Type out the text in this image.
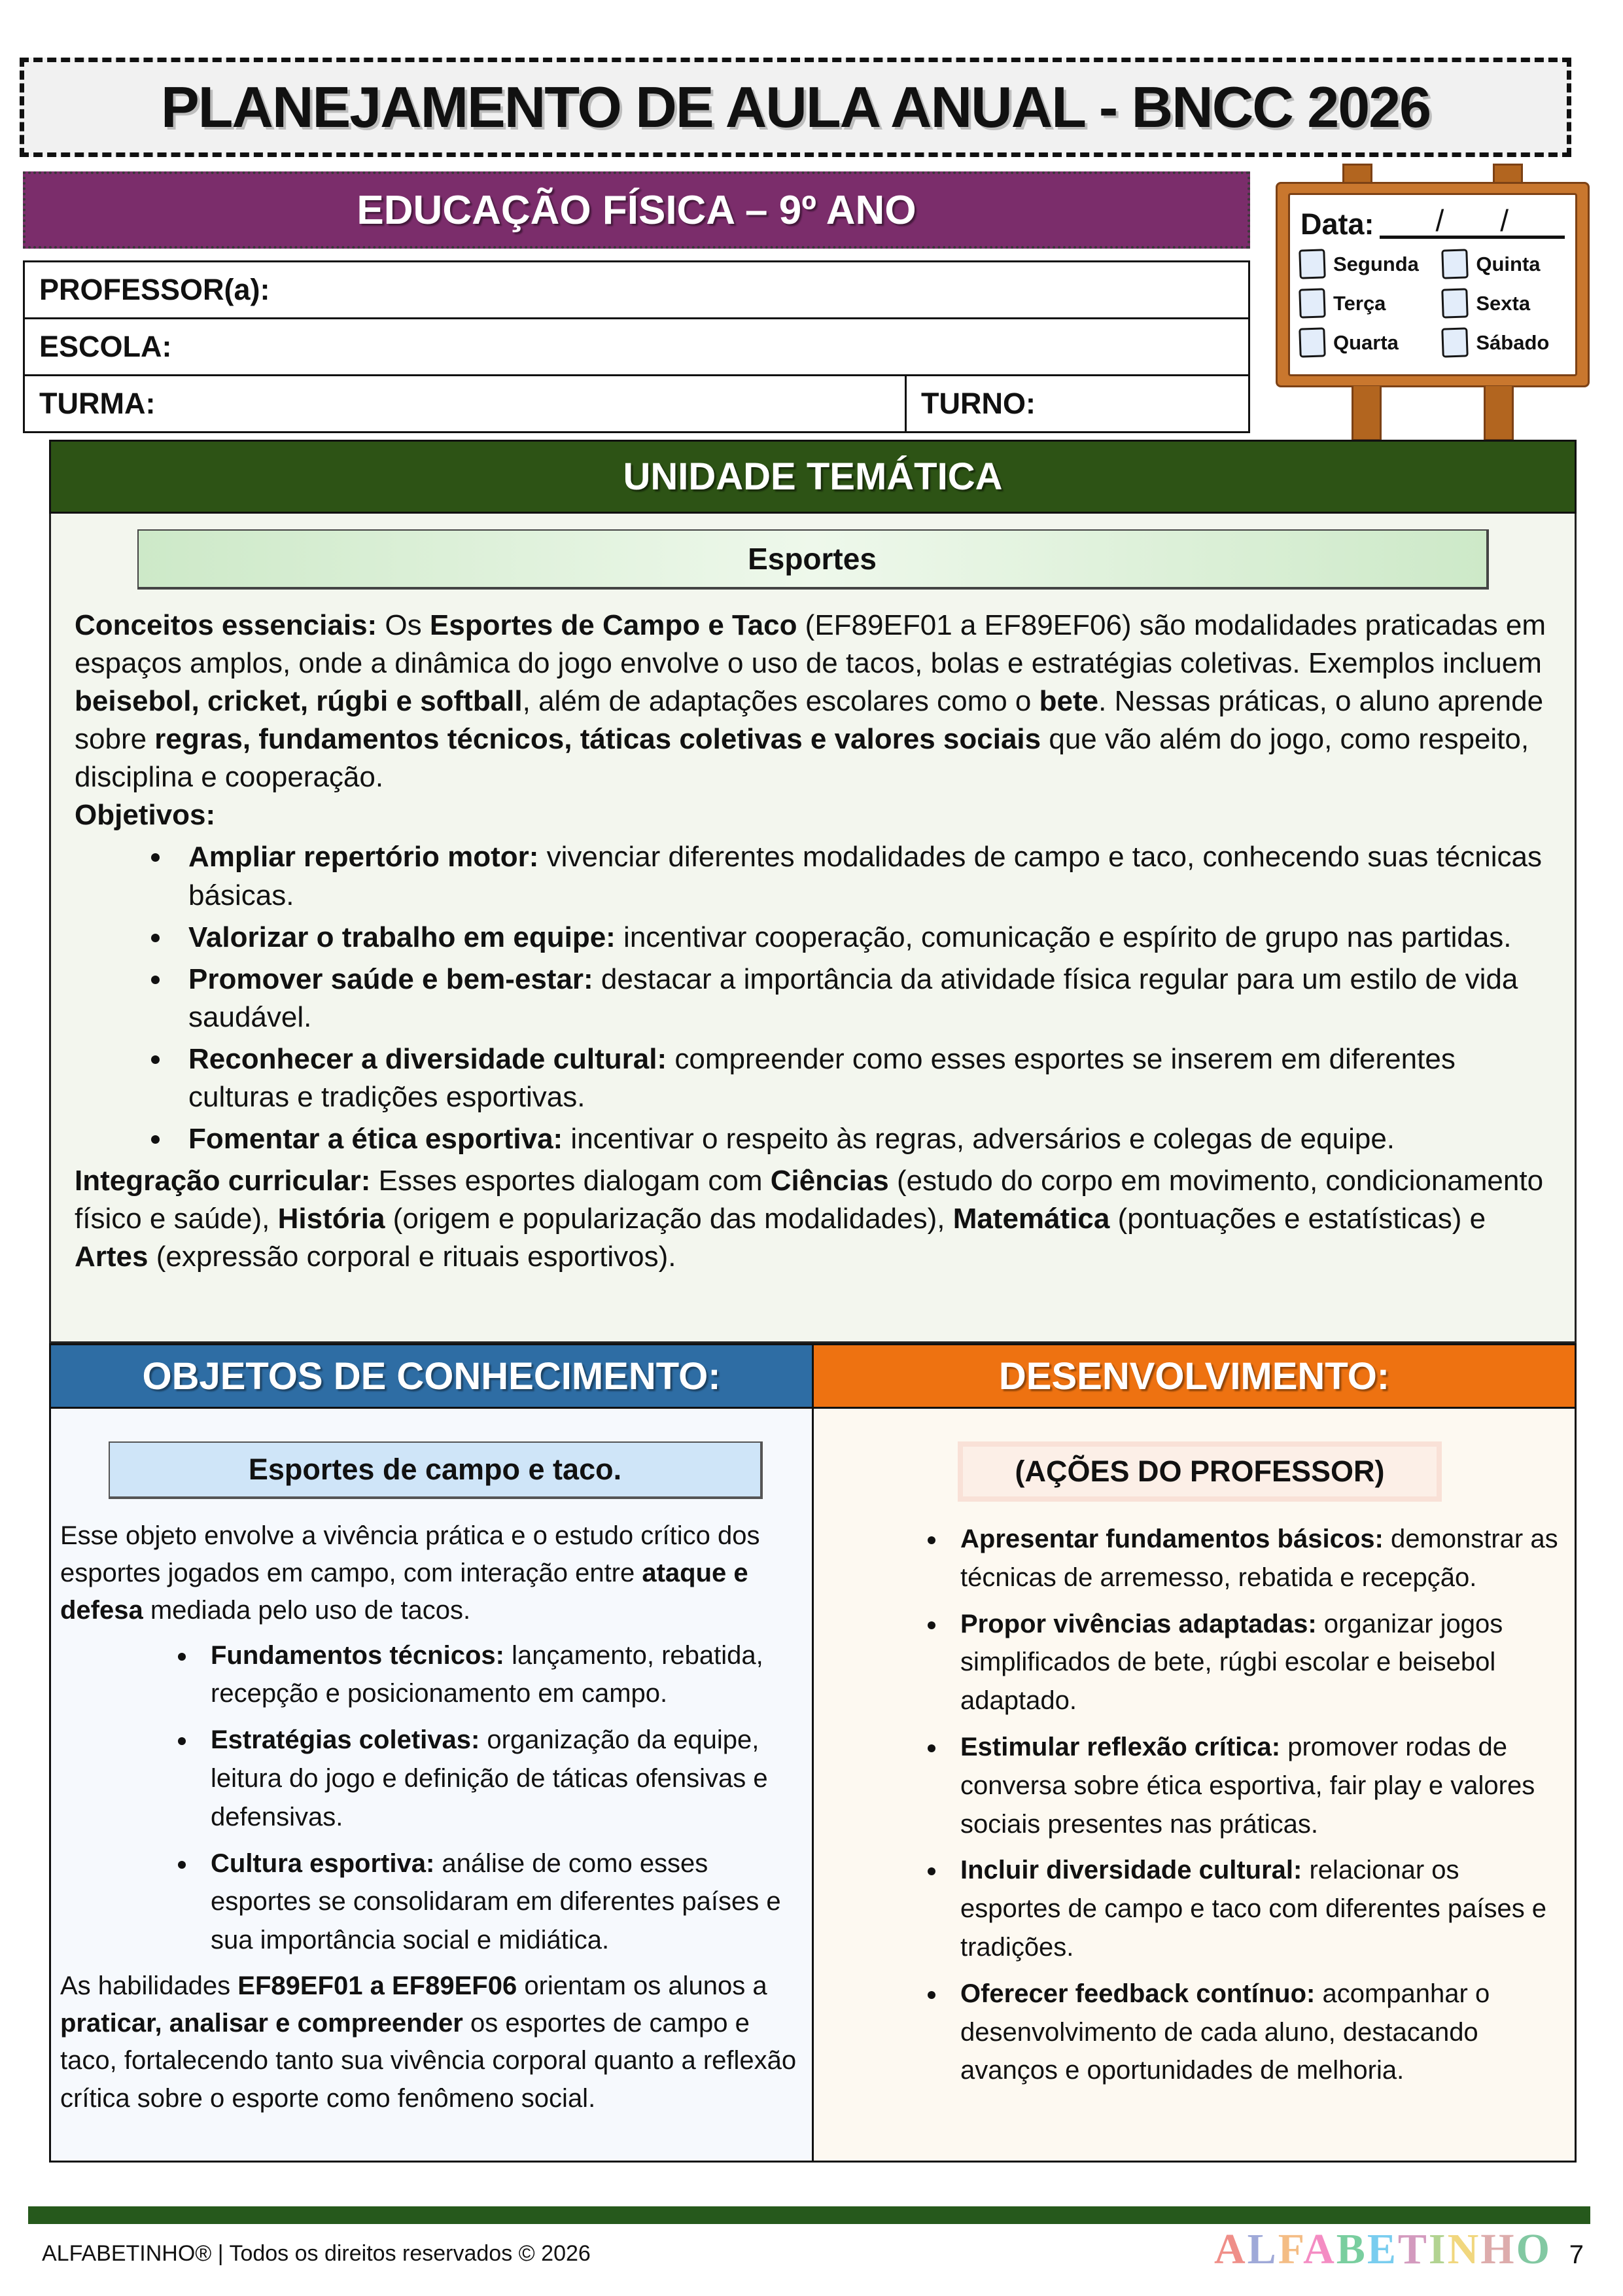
PLANEJAMENTO DE AULA ANUAL - BNCC 2026
EDUCAÇÃO FÍSICA – 9º ANO	Data: / /
Segunda	Quinta
Terça	Sexta
Quarta	Sábado
PROFESSOR(a):
ESCOLA:
TURMA:	TURNO:
UNIDADE TEMÁTICA
Esportes

Conceitos essenciais: Os Esportes de Campo e Taco (EF89EF01 a EF89EF06) são modalidades praticadas em espaços amplos, onde a dinâmica do jogo envolve o uso de tacos, bolas e estratégias coletivas. Exemplos incluem beisebol, cricket, rúgbi e softball, além de adaptações escolares como o bete. Nessas práticas, o aluno aprende sobre regras, fundamentos técnicos, táticas coletivas e valores sociais que vão além do jogo, como respeito, disciplina e cooperação.

Objetivos:

• Ampliar repertório motor: vivenciar diferentes modalidades de campo e taco, conhecendo suas técnicas básicas.
• Valorizar o trabalho em equipe: incentivar cooperação, comunicação e espírito de grupo nas partidas.
• Promover saúde e bem-estar: destacar a importância da atividade física regular para um estilo de vida saudável.
• Reconhecer a diversidade cultural: compreender como esses esportes se inserem em diferentes culturas e tradições esportivas.
• Fomentar a ética esportiva: incentivar o respeito às regras, adversários e colegas de equipe.

Integração curricular: Esses esportes dialogam com Ciências (estudo do corpo em movimento, condicionamento físico e saúde), História (origem e popularização das modalidades), Matemática (pontuações e estatísticas) e Artes (expressão corporal e rituais esportivos).

OBJETOS DE CONHECIMENTO:	DESENVOLVIMENTO:
Esportes de campo e taco.

Esse objeto envolve a vivência prática e o estudo crítico dos esportes jogados em campo, com interação entre ataque e defesa mediada pelo uso de tacos.

• Fundamentos técnicos: lançamento, rebatida, recepção e posicionamento em campo.
• Estratégias coletivas: organização da equipe, leitura do jogo e definição de táticas ofensivas e defensivas.
• Cultura esportiva: análise de como esses esportes se consolidaram em diferentes países e sua importância social e midiática.

As habilidades EF89EF01 a EF89EF06 orientam os alunos a praticar, analisar e compreender os esportes de campo e taco, fortalecendo tanto sua vivência corporal quanto a reflexão crítica sobre o esporte como fenômeno social.

(AÇÕES DO PROFESSOR)
• Apresentar fundamentos básicos: demonstrar as técnicas de arremesso, rebatida e recepção.
• Propor vivências adaptadas: organizar jogos simplificados de bete, rúgbi escolar e beisebol adaptado.
• Estimular reflexão crítica: promover rodas de conversa sobre ética esportiva, fair play e valores sociais presentes nas práticas.
• Incluir diversidade cultural: relacionar os esportes de campo e taco com diferentes países e tradições.
• Oferecer feedback contínuo: acompanhar o desenvolvimento de cada aluno, destacando avanços e oportunidades de melhoria.
ALFABETINHO® | Todos os direitos reservados © 2026	ALFABETINHO 7
